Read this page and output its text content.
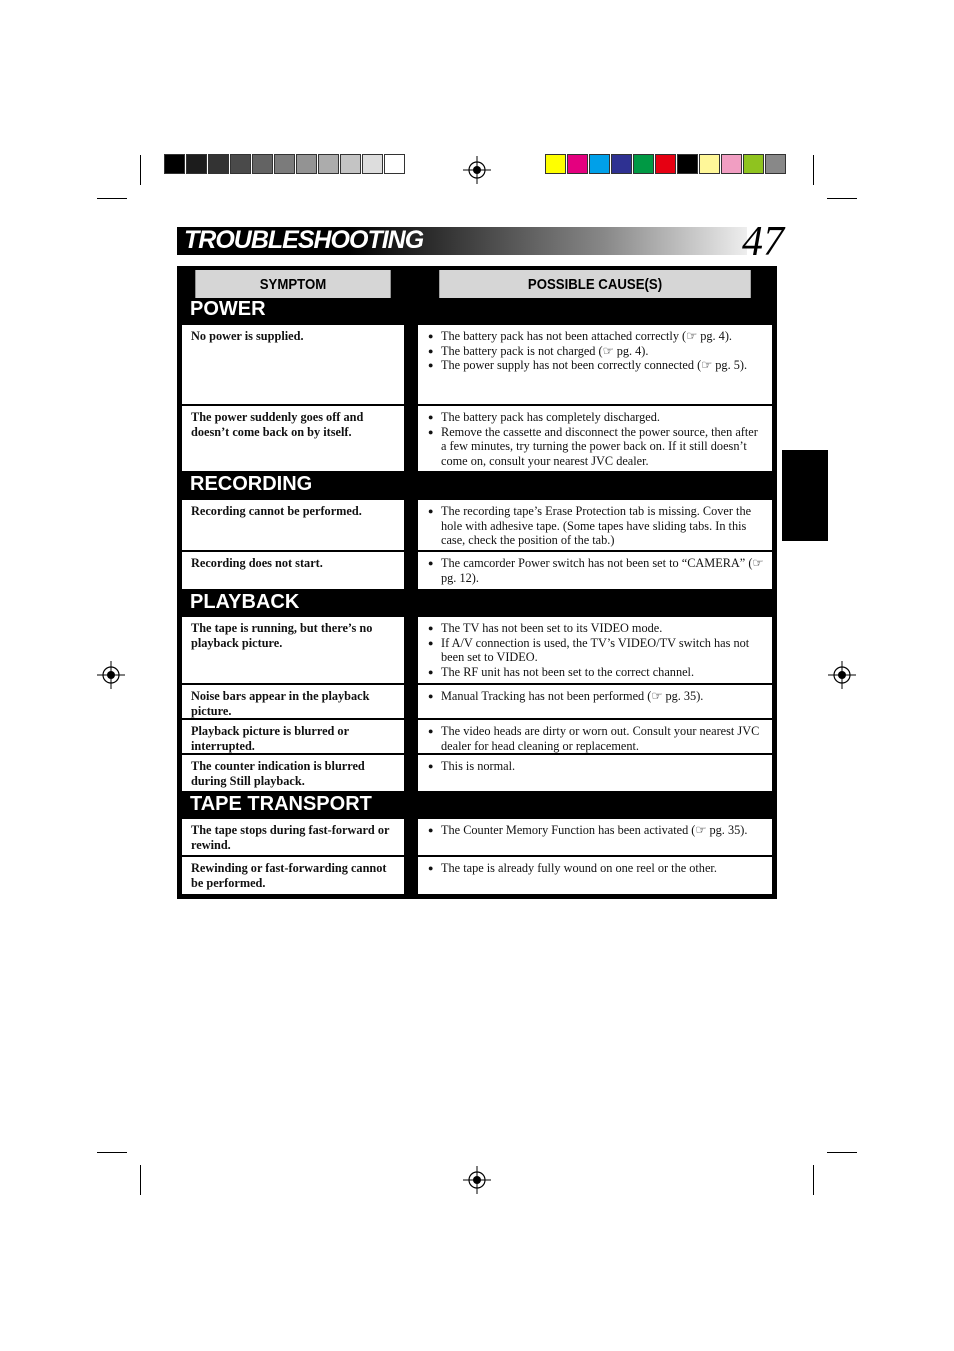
TROUBLESHOOTING	47
SYMPTOM	POSSIBLE CAUSE(S)
POWER
No power is supplied.	● The battery pack has not been attached correctly (☞ pg. 4).
● The battery pack is not charged (☞ pg. 4).
● The power supply has not been correctly connected (☞ pg. 5).
The power suddenly goes off and doesn’t come back on by itself.
● The battery pack has completely discharged.
● Remove the cassette and disconnect the power source, then after a few minutes, try turning the power back on. If it still doesn’t come on, consult your nearest JVC dealer.
RECORDING
Recording cannot be performed.	● The recording tape’s Erase Protection tab is missing. Cover the hole with adhesive tape. (Some tapes have sliding tabs. In this case, check the position of the tab.)
Recording does not start.	● The camcorder Power switch has not been set to “CAMERA” (☞ pg. 12).
PLAYBACK
The tape is running, but there’s no playback picture.
● The TV has not been set to its VIDEO mode.
● If A/V connection is used, the TV’s VIDEO/TV switch has not been set to VIDEO.
● The RF unit has not been set to the correct channel.
Noise bars appear in the playback picture.
● Manual Tracking has not been performed (☞ pg. 35).
Playback picture is blurred or interrupted.
● The video heads are dirty or worn out. Consult your nearest JVC dealer for head cleaning or replacement.
The counter indication is blurred during Still playback.
● This is normal.
TAPE TRANSPORT
The tape stops during fast-forward or rewind.
● The Counter Memory Function has been activated (☞ pg. 35).
Rewinding or fast-forwarding cannot be performed.
● The tape is already fully wound on one reel or the other.
